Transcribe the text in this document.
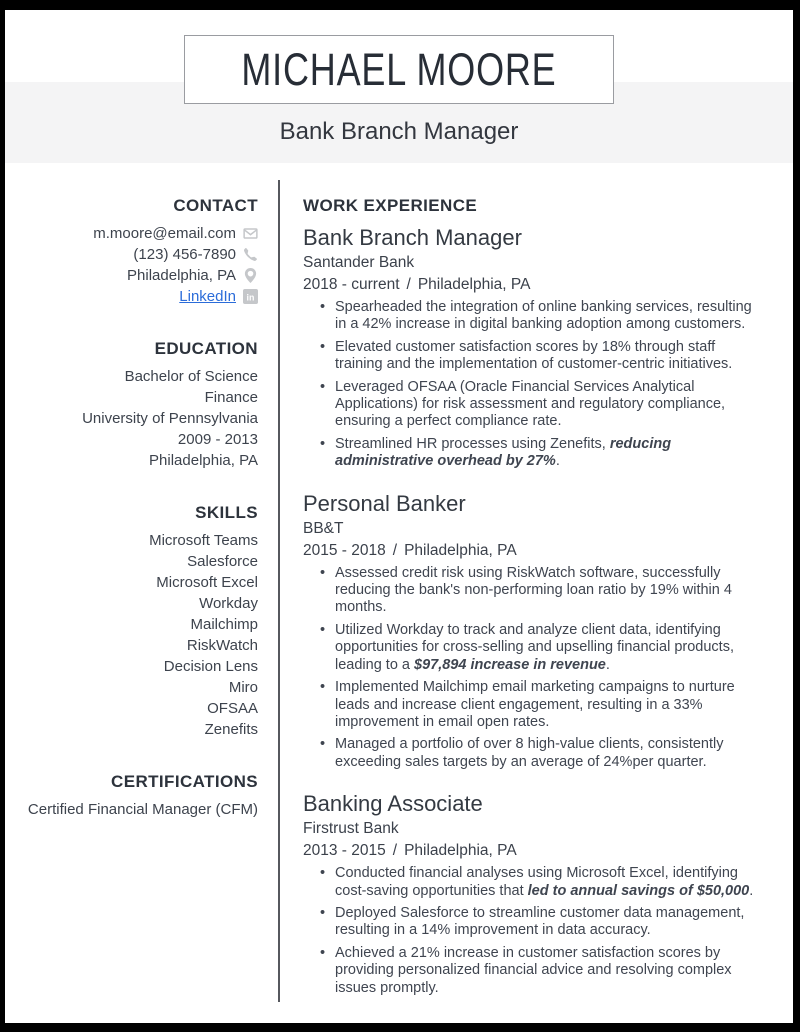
MICHAEL MOORE
Bank Branch Manager
CONTACT
m.moore@email.com
(123) 456-7890
Philadelphia, PA
LinkedIn in
EDUCATION
Bachelor of Science
Finance
University of Pennsylvania
2009 - 2013
Philadelphia, PA
SKILLS
Microsoft Teams
Salesforce
Microsoft Excel
Workday
Mailchimp
RiskWatch
Decision Lens
Miro
OFSAA
Zenefits
CERTIFICATIONS
Certified Financial Manager (CFM)
WORK EXPERIENCE
Bank Branch Manager
Santander Bank
2018 - current / Philadelphia, PA
• Spearheaded the integration of online banking services, resulting in a 42% increase in digital banking adoption among customers.
• Elevated customer satisfaction scores by 18% through staff training and the implementation of customer-centric initiatives.
• Leveraged OFSAA (Oracle Financial Services Analytical Applications) for risk assessment and regulatory compliance, ensuring a perfect compliance rate.
• Streamlined HR processes using Zenefits, reducing administrative overhead by 27%.
Personal Banker
BB&T
2015 - 2018 / Philadelphia, PA
• Assessed credit risk using RiskWatch software, successfully reducing the bank's non-performing loan ratio by 19% within 4 months.
• Utilized Workday to track and analyze client data, identifying opportunities for cross-selling and upselling financial products, leading to a $97,894 increase in revenue.
• Implemented Mailchimp email marketing campaigns to nurture leads and increase client engagement, resulting in a 33% improvement in email open rates.
• Managed a portfolio of over 8 high-value clients, consistently exceeding sales targets by an average of 24%per quarter.
Banking Associate
Firstrust Bank
2013 - 2015 / Philadelphia, PA
• Conducted financial analyses using Microsoft Excel, identifying cost-saving opportunities that led to annual savings of $50,000.
• Deployed Salesforce to streamline customer data management, resulting in a 14% improvement in data accuracy.
• Achieved a 21% increase in customer satisfaction scores by providing personalized financial advice and resolving complex issues promptly.
